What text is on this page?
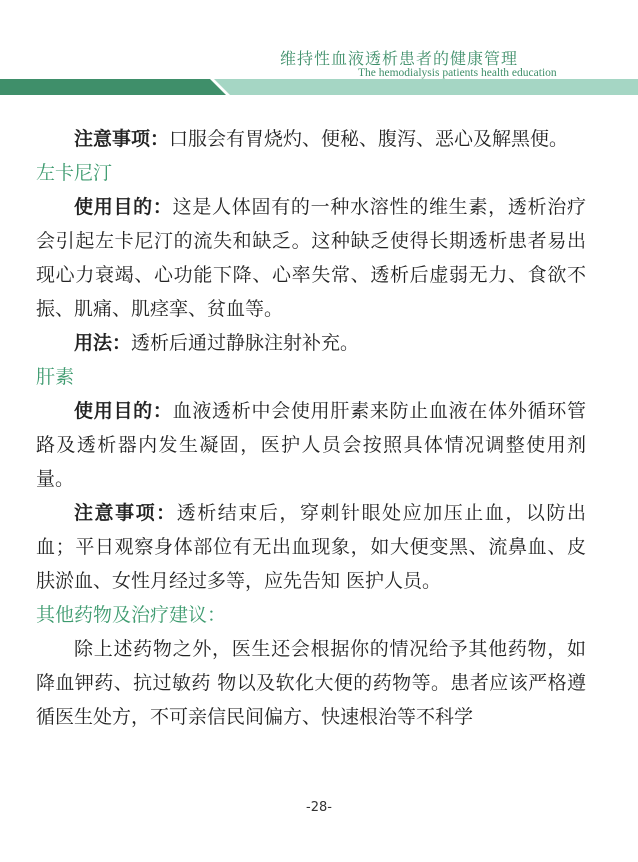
维持性血液透析患者的健康管理
The hemodialysis patients health education

注意事项：口服会有胃烧灼、便秘、腹泻、恶心及解黑便。

左卡尼汀

使用目的：这是人体固有的一种水溶性的维生素，透析治疗会引起左卡尼汀的流失和缺乏。这种缺乏使得长期透析患者易出现心力衰竭、心功能下降、心率失常、透析后虚弱无力、食欲不振、肌痛、肌痉挛、贫血等。

用法：透析后通过静脉注射补充。

肝素

使用目的：血液透析中会使用肝素来防止血液在体外循环管路及透析器内发生凝固，医护人员会按照具体情况调整使用剂量。

注意事项：透析结束后，穿刺针眼处应加压止血，以防出血；平日观察身体部位有无出血现象，如大便变黑、流鼻血、皮肤淤血、女性月经过多等，应先告知 医护人员。

其他药物及治疗建议：

除上述药物之外，医生还会根据你的情况给予其他药物，如降血钾药、抗过敏药 物以及软化大便的药物等。患者应该严格遵循医生处方，不可亲信民间偏方、快速根治等不科学

-28-
